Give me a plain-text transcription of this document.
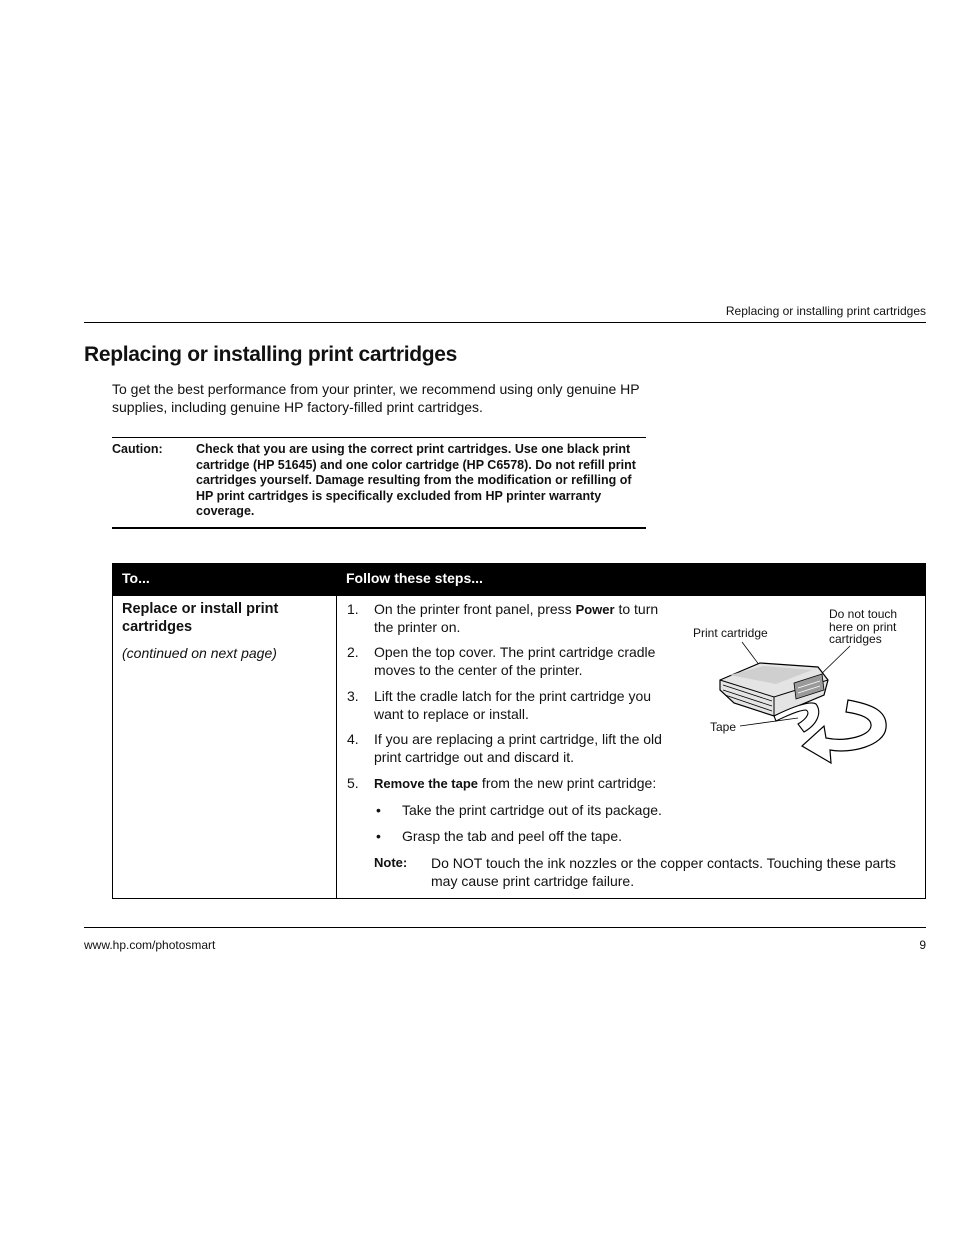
Replacing or installing print cartridges
Replacing or installing print cartridges
To get the best performance from your printer, we recommend using only genuine HP supplies, including genuine HP factory-filled print cartridges.
Caution:	Check that you are using the correct print cartridges. Use one black print cartridge (HP 51645) and one color cartridge (HP C6578). Do not refill print cartridges yourself. Damage resulting from the modification or refilling of HP print cartridges is specifically excluded from HP printer warranty coverage.
To...	Follow these steps...
Replace or install print cartridges
(continued on next page)
1. On the printer front panel, press Power to turn the printer on.
2. Open the top cover. The print cartridge cradle moves to the center of the printer.
3. Lift the cradle latch for the print cartridge you want to replace or install.
4. If you are replacing a print cartridge, lift the old print cartridge out and discard it.
5. Remove the tape from the new print cartridge:
• Take the print cartridge out of its package.
• Grasp the tab and peel off the tape.
Note: Do NOT touch the ink nozzles or the copper contacts. Touching these parts may cause print cartridge failure.
Print cartridge
Do not touch here on print cartridges
Tape
www.hp.com/photosmart	9
